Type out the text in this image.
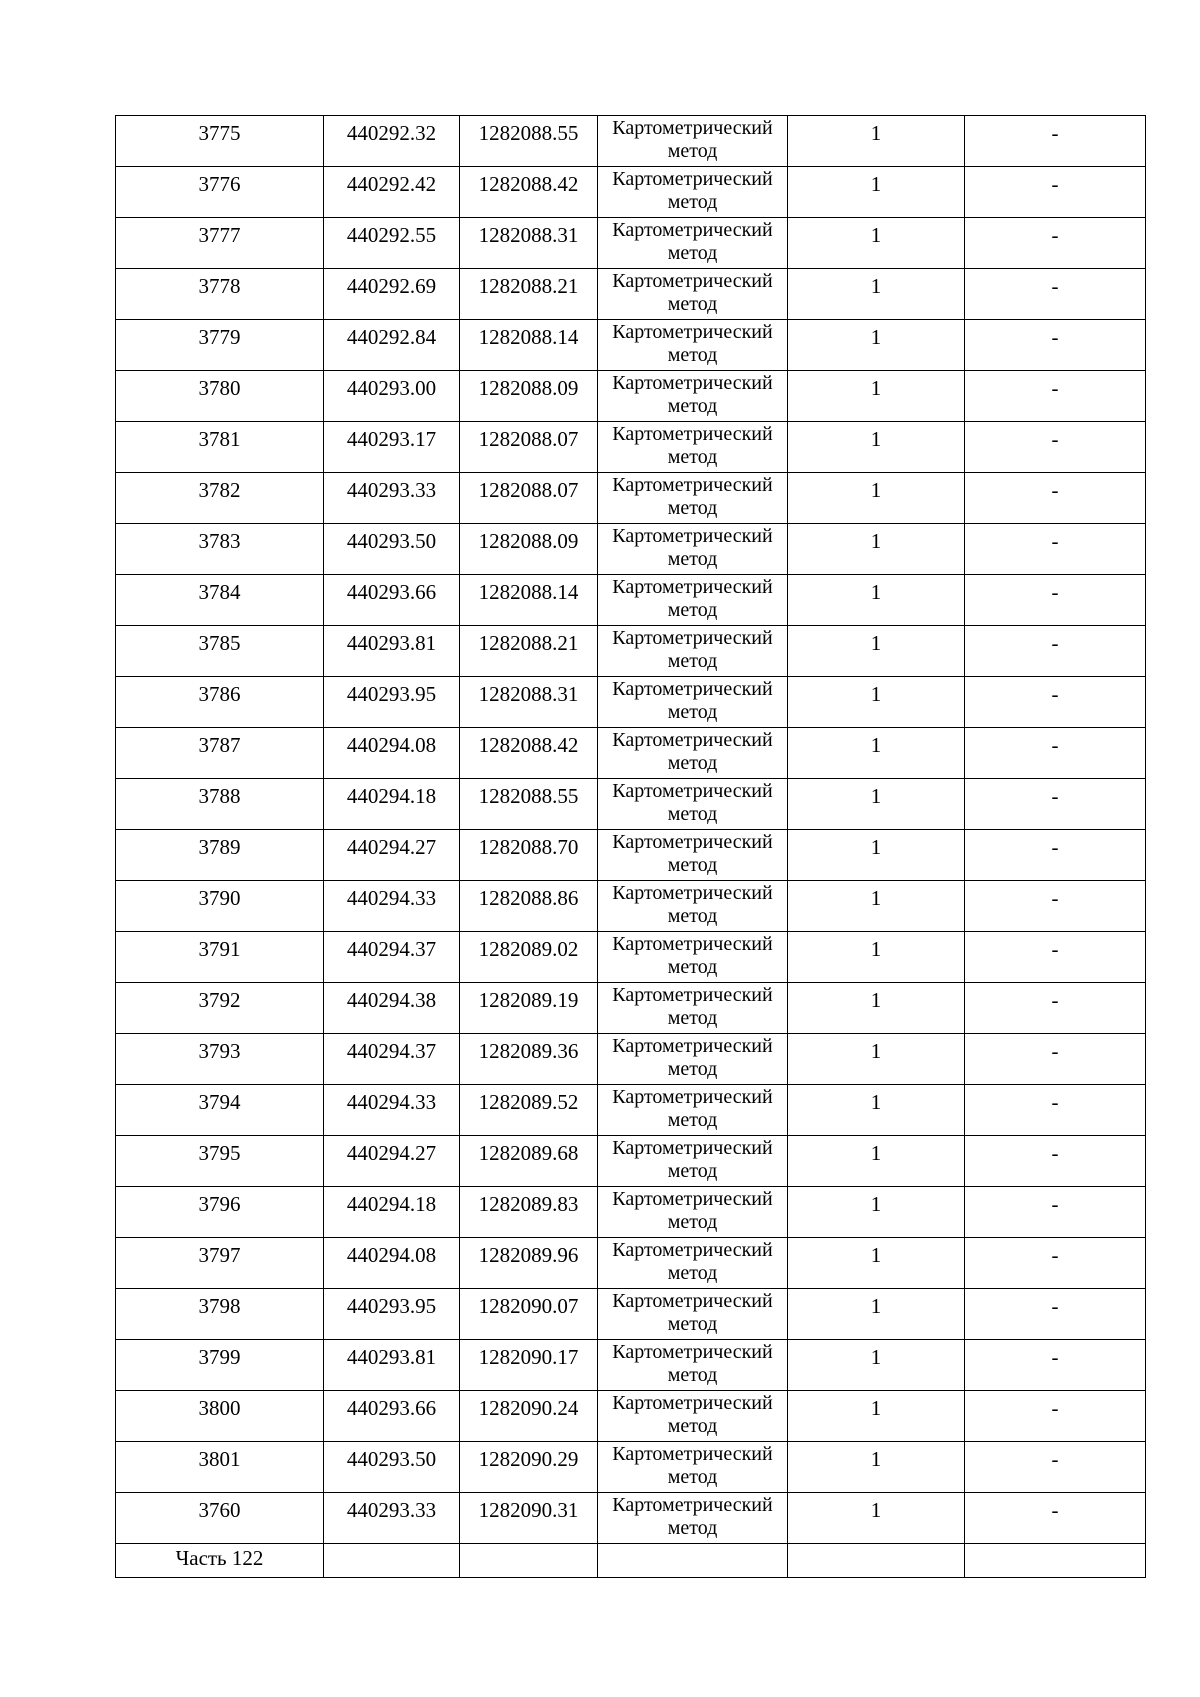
3775	440292.32	1282088.55	Картометрический метод	1	-
3776	440292.42	1282088.42	Картометрический метод	1	-
3777	440292.55	1282088.31	Картометрический метод	1	-
3778	440292.69	1282088.21	Картометрический метод	1	-
3779	440292.84	1282088.14	Картометрический метод	1	-
3780	440293.00	1282088.09	Картометрический метод	1	-
3781	440293.17	1282088.07	Картометрический метод	1	-
3782	440293.33	1282088.07	Картометрический метод	1	-
3783	440293.50	1282088.09	Картометрический метод	1	-
3784	440293.66	1282088.14	Картометрический метод	1	-
3785	440293.81	1282088.21	Картометрический метод	1	-
3786	440293.95	1282088.31	Картометрический метод	1	-
3787	440294.08	1282088.42	Картометрический метод	1	-
3788	440294.18	1282088.55	Картометрический метод	1	-
3789	440294.27	1282088.70	Картометрический метод	1	-
3790	440294.33	1282088.86	Картометрический метод	1	-
3791	440294.37	1282089.02	Картометрический метод	1	-
3792	440294.38	1282089.19	Картометрический метод	1	-
3793	440294.37	1282089.36	Картометрический метод	1	-
3794	440294.33	1282089.52	Картометрический метод	1	-
3795	440294.27	1282089.68	Картометрический метод	1	-
3796	440294.18	1282089.83	Картометрический метод	1	-
3797	440294.08	1282089.96	Картометрический метод	1	-
3798	440293.95	1282090.07	Картометрический метод	1	-
3799	440293.81	1282090.17	Картометрический метод	1	-
3800	440293.66	1282090.24	Картометрический метод	1	-
3801	440293.50	1282090.29	Картометрический метод	1	-
3760	440293.33	1282090.31	Картометрический метод	1	-
Часть 122					
